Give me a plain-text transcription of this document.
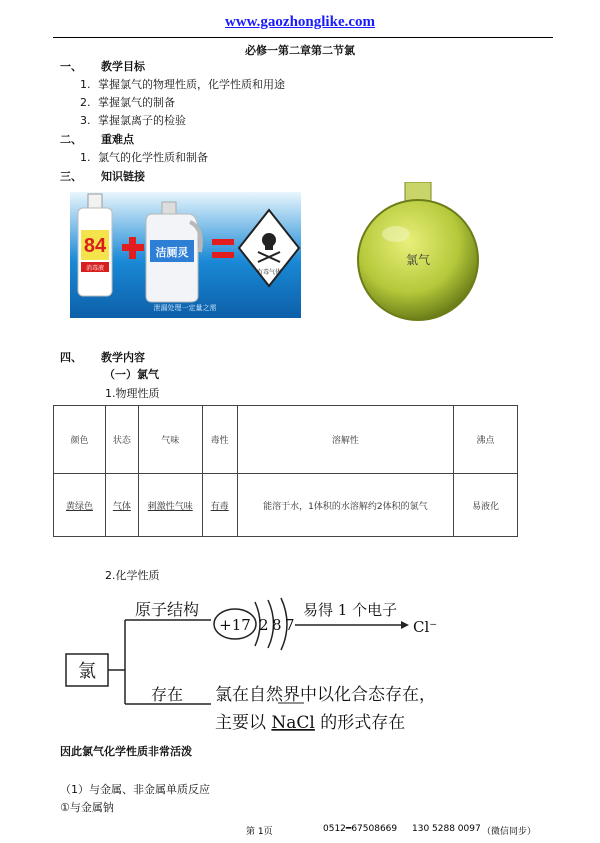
www.gaozhonglike.com
必修一第二章第二节氯
一、 教学目标
1. 掌握氯气的物理性质，化学性质和用途
2. 掌握氯气的制备
3. 掌握氯离子的检验
二、 重难点
1. 氯气的化学性质和制备
三、 知识链接
84
消毒液
洁厕灵
有毒气体
泄漏处理一定量之需
氯气
四、 教学内容
（一）氯气
1.物理性质
颜色	状态	气味	毒性	溶解性	沸点
黄绿色	气体	刺激性气味	有毒	能溶于水，1体积的水溶解约2体积的氯气	易液化
2.化学性质
氯
原子结构
+17 2 8 7
易得 1 个电子
Cl⁻
存在 氯在自然界中以化合态存在，
主要以 NaCl 的形式存在
因此氯气化学性质非常活泼
（1）与金属、非金属单质反应
①与金属钠
第 1页	0512━67508669 130 5288 0097 （微信同步）
